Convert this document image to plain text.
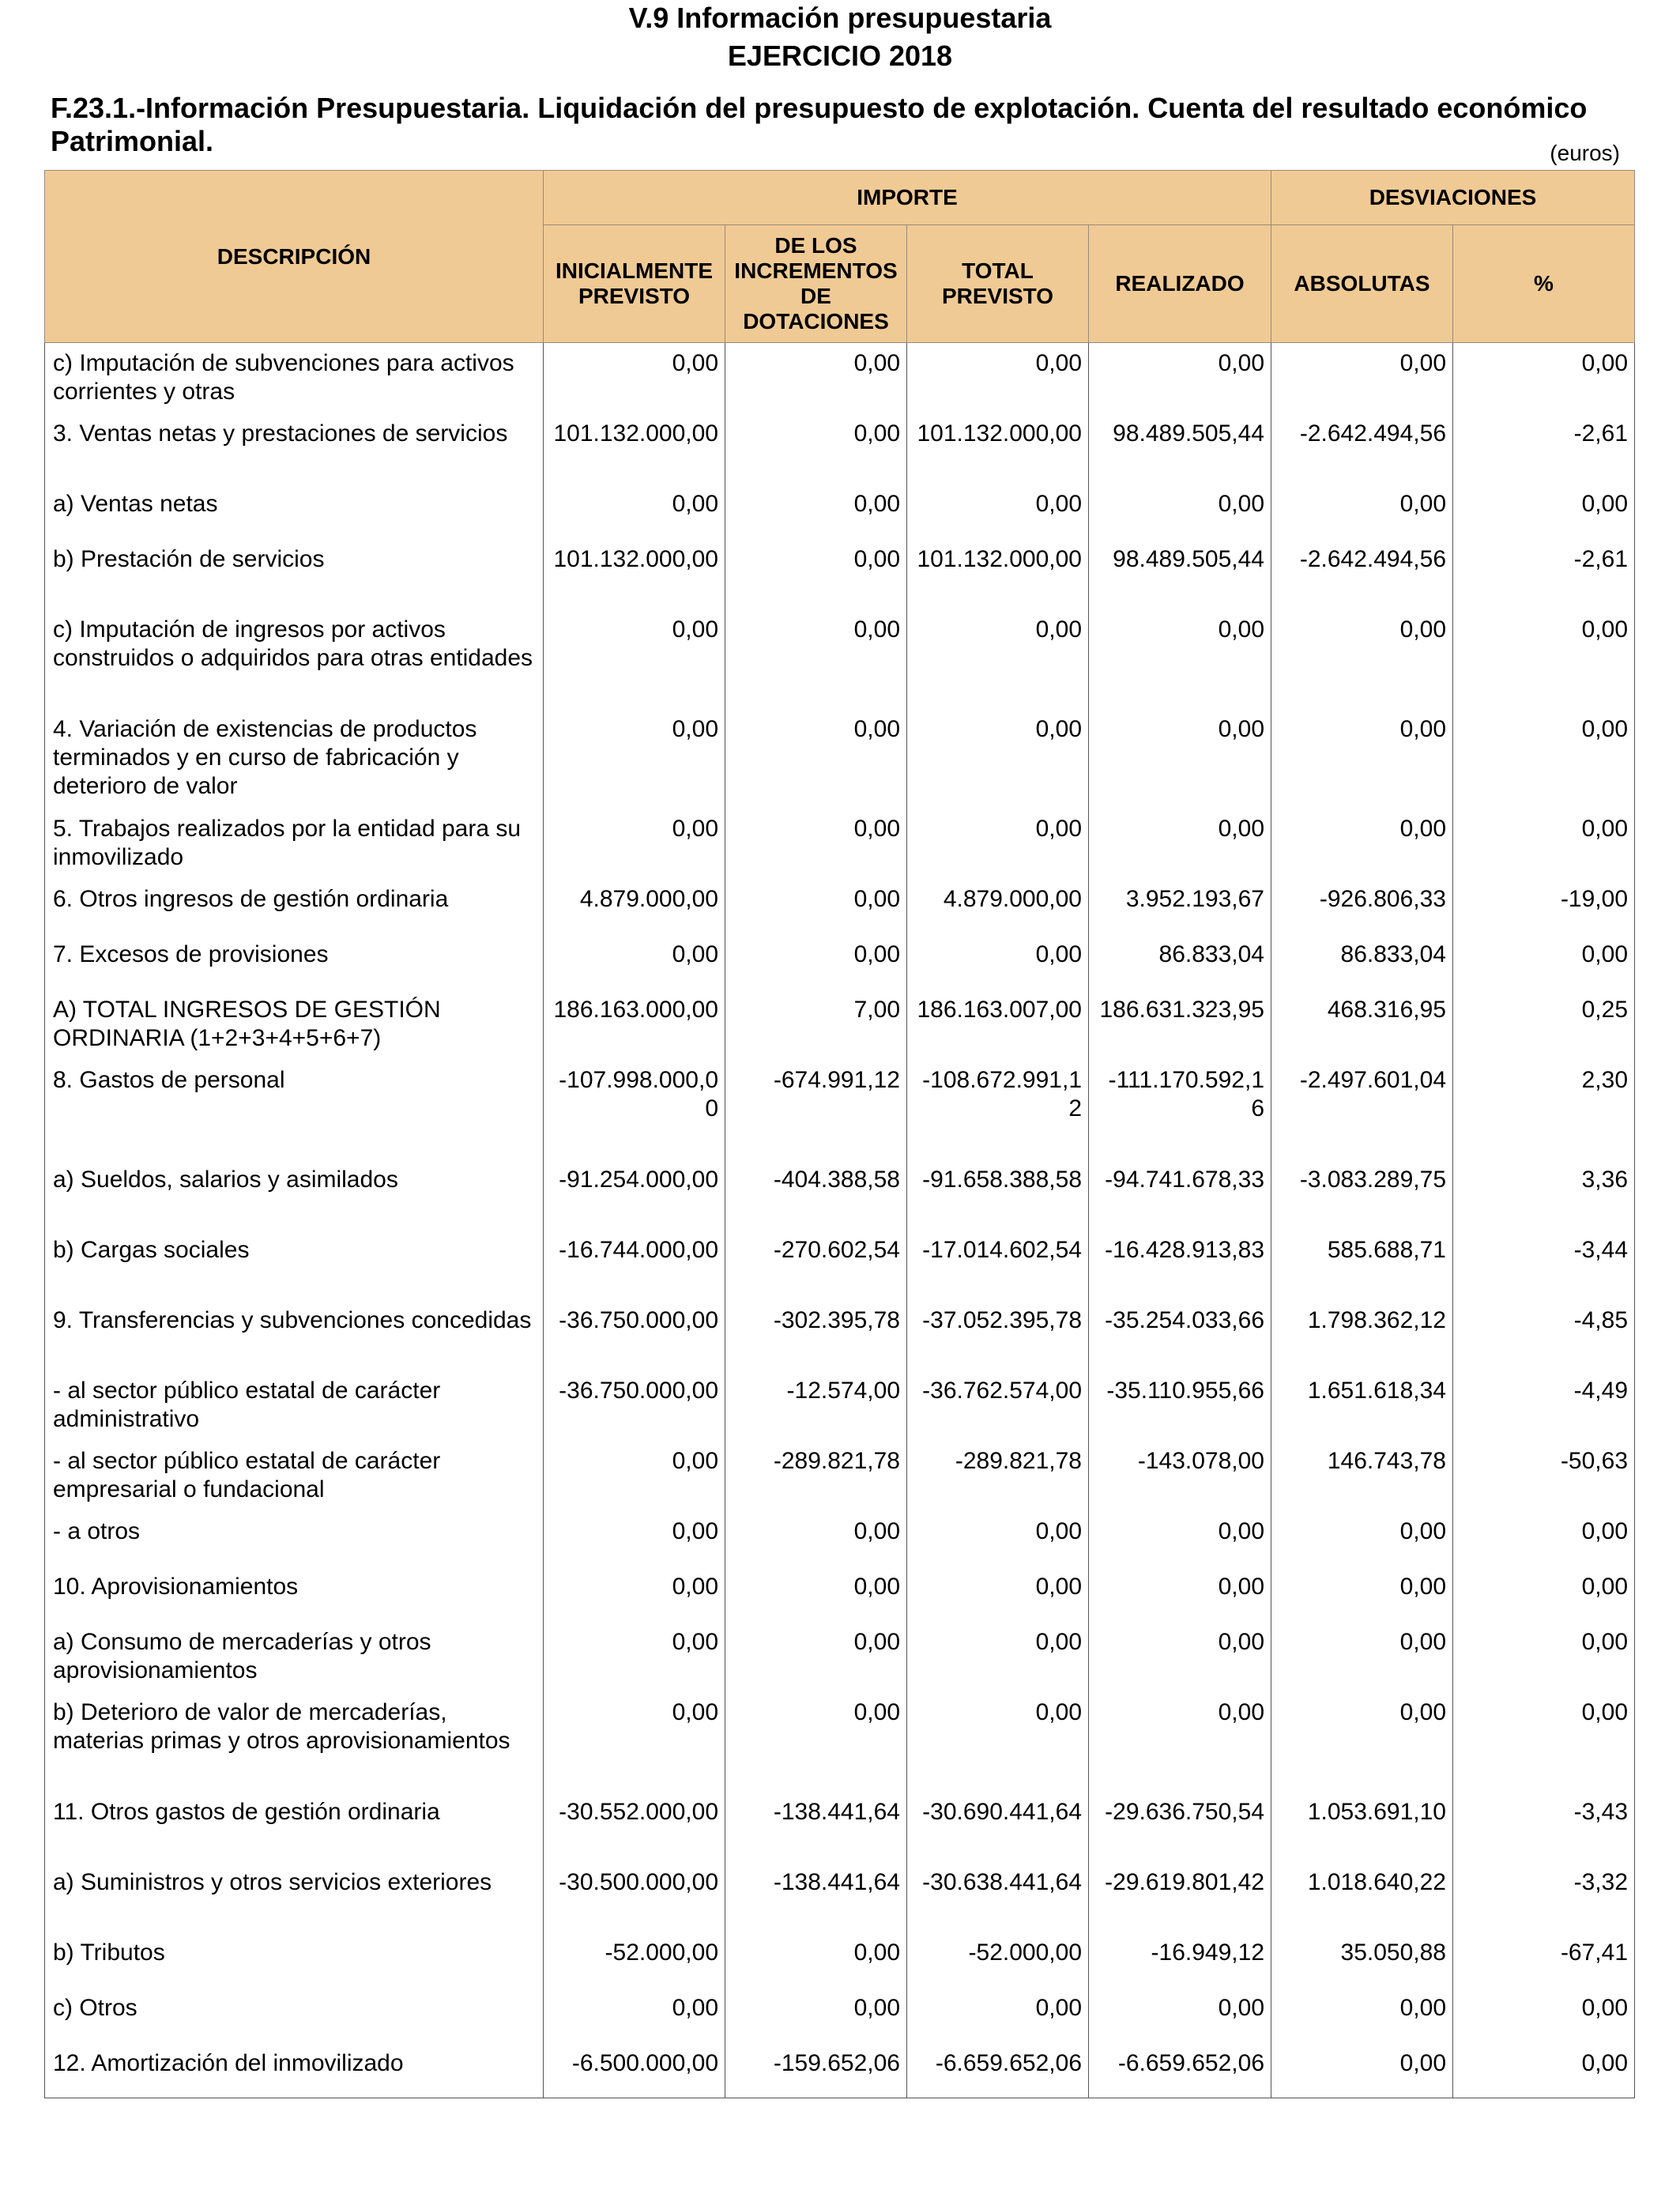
V.9 Información presupuestaria
EJERCICIO 2018
F.23.1.-Información Presupuestaria. Liquidación del presupuesto de explotación. Cuenta del resultado económico Patrimonial.	(euros)
DESCRIPCIÓN	IMPORTE				DESVIACIONES	
	INICIALMENTE PREVISTO	DE LOS INCREMENTOS DE DOTACIONES	TOTAL PREVISTO	REALIZADO	ABSOLUTAS	%
c) Imputación de subvenciones para activos corrientes y otras	0,00	0,00	0,00	0,00	0,00	0,00
3. Ventas netas y prestaciones de servicios	101.132.000,00	0,00	101.132.000,00	98.489.505,44	-2.642.494,56	-2,61
a) Ventas netas	0,00	0,00	0,00	0,00	0,00	0,00
b) Prestación de servicios	101.132.000,00	0,00	101.132.000,00	98.489.505,44	-2.642.494,56	-2,61
c) Imputación de ingresos por activos construidos o adquiridos para otras entidades	0,00	0,00	0,00	0,00	0,00	0,00
4. Variación de existencias de productos terminados y en curso de fabricación y deterioro de valor	0,00	0,00	0,00	0,00	0,00	0,00
5. Trabajos realizados por la entidad para su inmovilizado	0,00	0,00	0,00	0,00	0,00	0,00
6. Otros ingresos de gestión ordinaria	4.879.000,00	0,00	4.879.000,00	3.952.193,67	-926.806,33	-19,00
7. Excesos de provisiones	0,00	0,00	0,00	86.833,04	86.833,04	0,00
A) TOTAL INGRESOS DE GESTIÓN ORDINARIA (1+2+3+4+5+6+7)	186.163.000,00	7,00	186.163.007,00	186.631.323,95	468.316,95	0,25
8. Gastos de personal	-107.998.000,00	-674.991,12	-108.672.991,12	-111.170.592,16	-2.497.601,04	2,30
a) Sueldos, salarios y asimilados	-91.254.000,00	-404.388,58	-91.658.388,58	-94.741.678,33	-3.083.289,75	3,36
b) Cargas sociales	-16.744.000,00	-270.602,54	-17.014.602,54	-16.428.913,83	585.688,71	-3,44
9. Transferencias y subvenciones concedidas	-36.750.000,00	-302.395,78	-37.052.395,78	-35.254.033,66	1.798.362,12	-4,85
- al sector público estatal de carácter administrativo	-36.750.000,00	-12.574,00	-36.762.574,00	-35.110.955,66	1.651.618,34	-4,49
- al sector público estatal de carácter empresarial o fundacional	0,00	-289.821,78	-289.821,78	-143.078,00	146.743,78	-50,63
- a otros	0,00	0,00	0,00	0,00	0,00	0,00
10. Aprovisionamientos	0,00	0,00	0,00	0,00	0,00	0,00
a) Consumo de mercaderías y otros aprovisionamientos	0,00	0,00	0,00	0,00	0,00	0,00
b) Deterioro de valor de mercaderías, materias primas y otros aprovisionamientos	0,00	0,00	0,00	0,00	0,00	0,00
11. Otros gastos de gestión ordinaria	-30.552.000,00	-138.441,64	-30.690.441,64	-29.636.750,54	1.053.691,10	-3,43
a) Suministros y otros servicios exteriores	-30.500.000,00	-138.441,64	-30.638.441,64	-29.619.801,42	1.018.640,22	-3,32
b) Tributos	-52.000,00	0,00	-52.000,00	-16.949,12	35.050,88	-67,41
c) Otros	0,00	0,00	0,00	0,00	0,00	0,00
12. Amortización del inmovilizado	-6.500.000,00	-159.652,06	-6.659.652,06	-6.659.652,06	0,00	0,00
